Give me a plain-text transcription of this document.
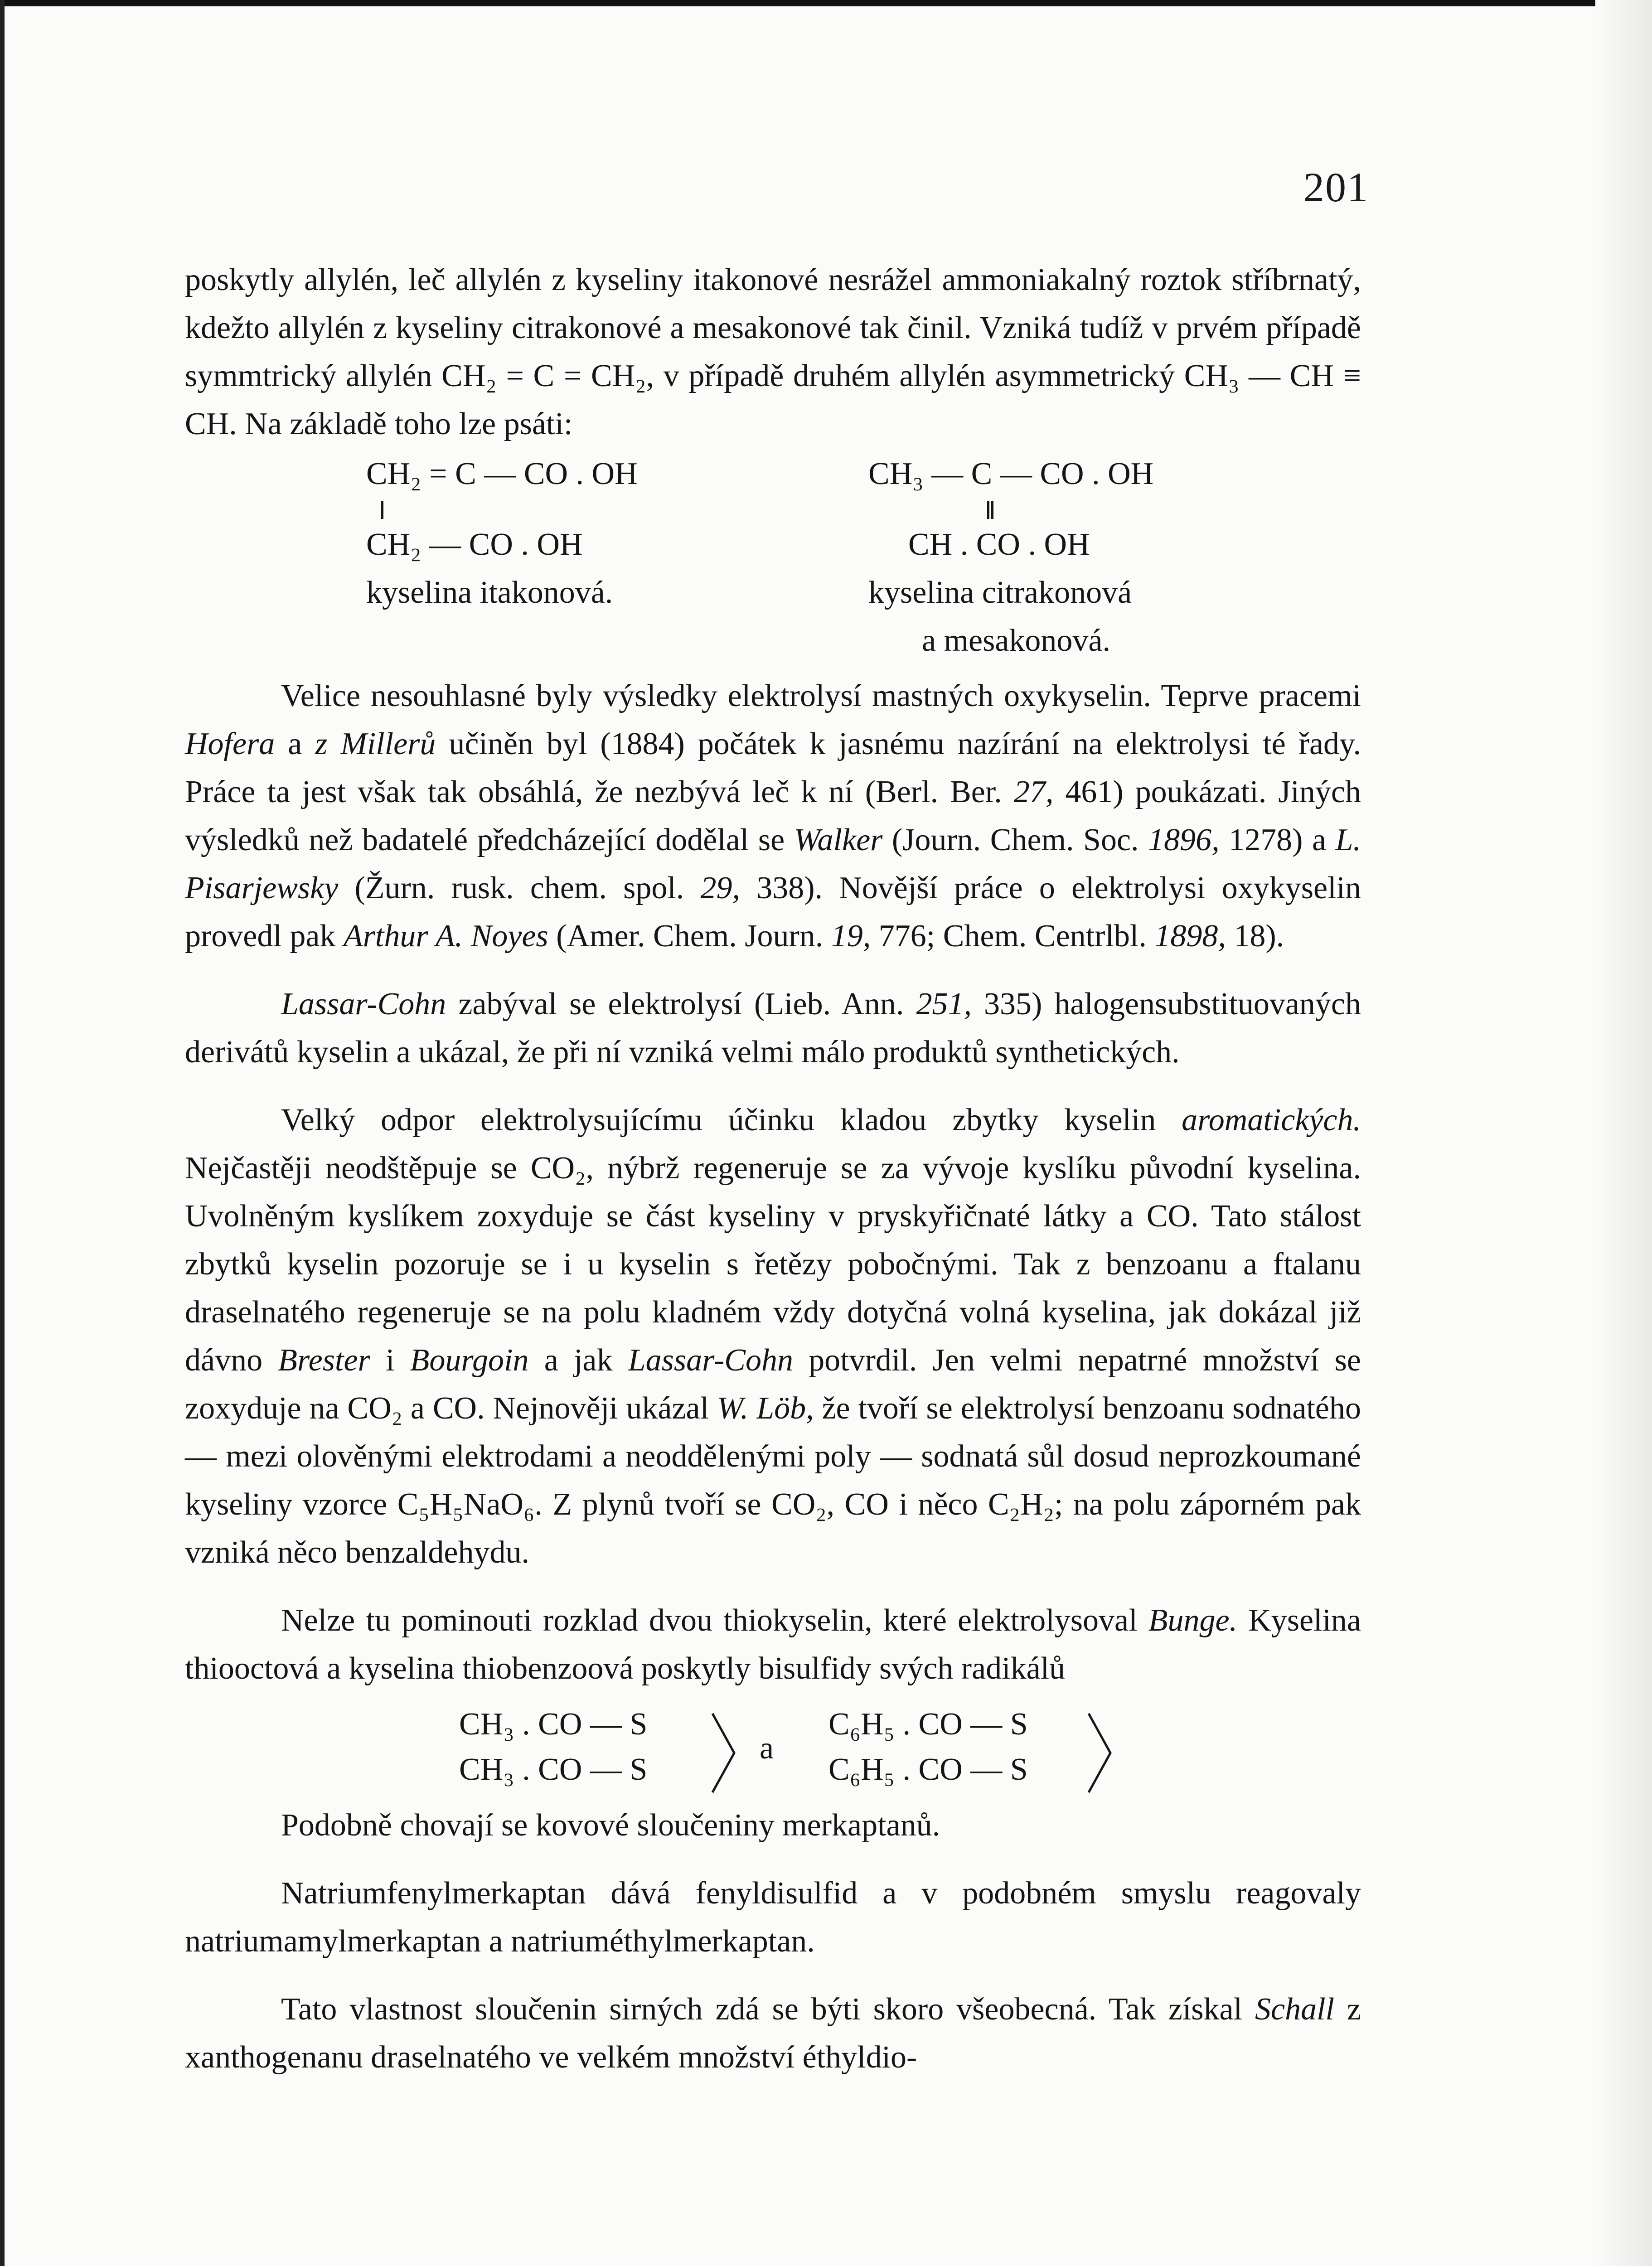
201

poskytly allylén, leč allylén z kyseliny itakonové nesrážel ammoniakalný roztok stříbrnatý, kdežto allylén z kyseliny citrakonové a mesakonové tak činil. Vzniká tudíž v prvém případě symmtrický allylén CH₂ = C = CH₂, v případě druhém allylén asymmetrický CH₃ — CH ≡ CH. Na základě toho lze psáti:

CH₂ = C — CO . OH
CH₂ — CO . OH
kyselina itakonová.
CH₃ — C — CO . OH
CH . CO . OH
kyselina citrakonová
a mesakonová.

Velice nesouhlasné byly výsledky elektrolysí mastných oxykyselin. Teprve pracemi Hofera a z Millerů učiněn byl (1884) počátek k jasnému nazírání na elektrolysi té řady. Práce ta jest však tak obsáhlá, že nezbývá leč k ní (Berl. Ber. 27, 461) poukázati. Jiných výsledků než badatelé předcházející dodělal se Walker (Journ. Chem. Soc. 1896, 1278) a L. Pisarjewsky (Žurn. rusk. chem. spol. 29, 338). Novější práce o elektrolysi oxykyselin provedl pak Arthur A. Noyes (Amer. Chem. Journ. 19, 776; Chem. Centrlbl. 1898, 18).

Lassar-Cohn zabýval se elektrolysí (Lieb. Ann. 251, 335) halogensubstituovaných derivátů kyselin a ukázal, že při ní vzniká velmi málo produktů synthetických.

Velký odpor elektrolysujícímu účinku kladou zbytky kyselin aromatických. Nejčastěji neodštěpuje se CO₂, nýbrž regeneruje se za vývoje kyslíku původní kyselina. Uvolněným kyslíkem zoxyduje se část kyseliny v pryskyřičnaté látky a CO. Tato stálost zbytků kyselin pozoruje se i u kyselin s řetězy pobočnými. Tak z benzoanu a ftalanu draselnatého regeneruje se na polu kladném vždy dotyčná volná kyselina, jak dokázal již dávno Brester i Bourgoin a jak Lassar-Cohn potvrdil. Jen velmi nepatrné množství se zoxyduje na CO₂ a CO. Nejnověji ukázal W. Löb, že tvoří se elektrolysí benzoanu sodnatého — mezi olověnými elektrodami a neoddělenými poly — sodnatá sůl dosud neprozkoumané kyseliny vzorce C₅H₅NaO₆. Z plynů tvoří se CO₂, CO i něco C₂H₂; na polu záporném pak vzniká něco benzaldehydu.

Nelze tu pominouti rozklad dvou thiokyselin, které elektrolysoval Bunge. Kyselina thiooctová a kyselina thiobenzoová poskytly bisulfidy svých radikálů

CH₃ . CO — S
CH₃ . CO — S
a
C₆H₅ . CO — S
C₆H₅ . CO — S

Podobně chovají se kovové sloučeniny merkaptanů.

Natriumfenylmerkaptan dává fenyldisulfid a v podobném smyslu reagovaly natriumamylmerkaptan a natriuméthylmerkaptan.

Tato vlastnost sloučenin sirných zdá se býti skoro všeobecná. Tak získal Schall z xanthogenanu draselnatého ve velkém množství éthyldio-
